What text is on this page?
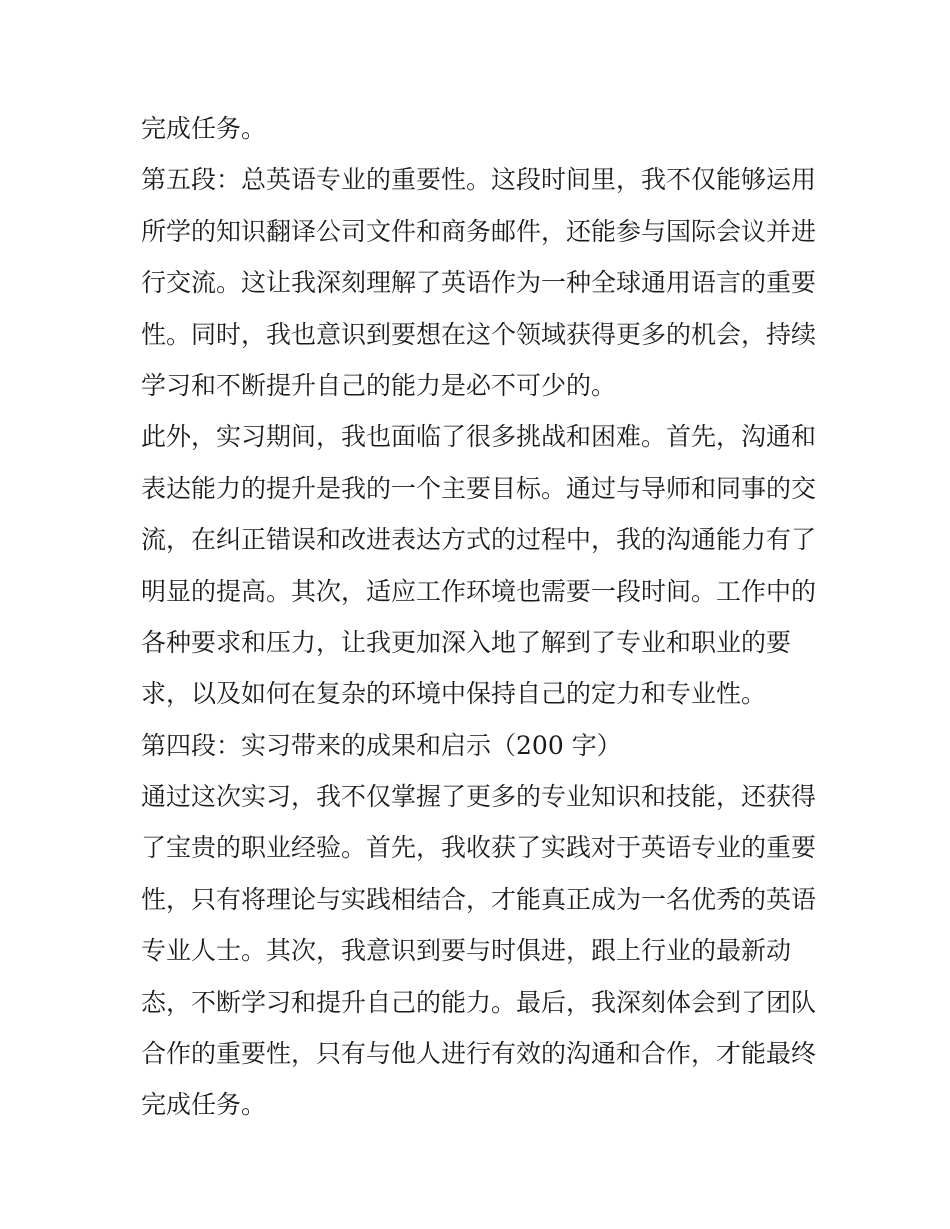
完成任务。
第五段：总英语专业的重要性。这段时间里，我不仅能够运用
所学的知识翻译公司文件和商务邮件，还能参与国际会议并进
行交流。这让我深刻理解了英语作为一种全球通用语言的重要
性。同时，我也意识到要想在这个领域获得更多的机会，持续
学习和不断提升自己的能力是必不可少的。
此外，实习期间，我也面临了很多挑战和困难。首先，沟通和
表达能力的提升是我的一个主要目标。通过与导师和同事的交
流，在纠正错误和改进表达方式的过程中，我的沟通能力有了
明显的提高。其次，适应工作环境也需要一段时间。工作中的
各种要求和压力，让我更加深入地了解到了专业和职业的要
求，以及如何在复杂的环境中保持自己的定力和专业性。
第四段：实习带来的成果和启示（200 字）
通过这次实习，我不仅掌握了更多的专业知识和技能，还获得
了宝贵的职业经验。首先，我收获了实践对于英语专业的重要
性，只有将理论与实践相结合，才能真正成为一名优秀的英语
专业人士。其次，我意识到要与时俱进，跟上行业的最新动
态，不断学习和提升自己的能力。最后，我深刻体会到了团队
合作的重要性，只有与他人进行有效的沟通和合作，才能最终
完成任务。
